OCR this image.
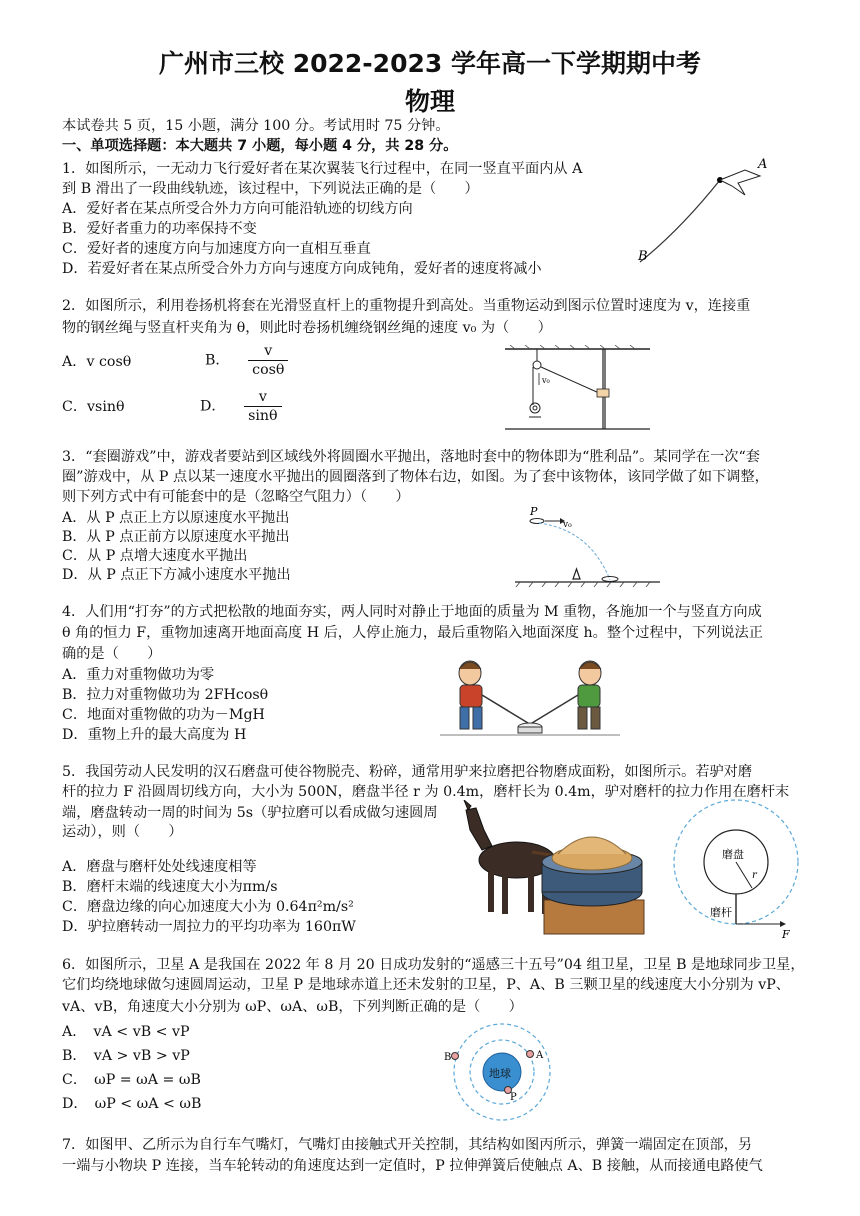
广州市三校 2022-2023 学年高一下学期期中考
物理
本试卷共 5 页，15 小题，满分 100 分。考试用时 75 分钟。
一、单项选择题：本大题共 7 小题，每小题 4 分，共 28 分。
1．如图所示，一无动力飞行爱好者在某次翼装飞行过程中，在同一竖直平面内从 A
到 B 滑出了一段曲线轨迹，该过程中，下列说法正确的是（　　）
A．爱好者在某点所受合外力方向可能沿轨迹的切线方向
B．爱好者重力的功率保持不变
C．爱好者的速度方向与加速度方向一直相互垂直
D．若爱好者在某点所受合外力方向与速度方向成钝角，爱好者的速度将减小
A
B
2．如图所示，利用卷扬机将套在光滑竖直杆上的重物提升到高处。当重物运动到图示位置时速度为 v，连接重
物的钢丝绳与竖直杆夹角为 θ，则此时卷扬机缠绕钢丝绳的速度 v₀ 为（　　）
A．v cosθ	B． $\frac{v}{\cos\theta}$
C．vsinθ	D． $\frac{v}{\sin\theta}$
v₀
3．“套圈游戏”中，游戏者要站到区域线外将圆圈水平抛出，落地时套中的物体即为“胜利品”。某同学在一次“套
圈”游戏中，从 P 点以某一速度水平抛出的圆圈落到了物体右边，如图。为了套中该物体，该同学做了如下调整，
则下列方式中有可能套中的是（忽略空气阻力）（　　）
A．从 P 点正上方以原速度水平抛出
B．从 P 点正前方以原速度水平抛出
C．从 P 点增大速度水平抛出
D．从 P 点正下方减小速度水平抛出
P
v₀
4．人们用“打夯”的方式把松散的地面夯实，两人同时对静止于地面的质量为 M 重物，各施加一个与竖直方向成
θ 角的恒力 F，重物加速离开地面高度 H 后，人停止施力，最后重物陷入地面深度 h。整个过程中，下列说法正
确的是（　　）
A．重力对重物做功为零
B．拉力对重物做功为 2FHcosθ
C．地面对重物做的功为－MgH
D．重物上升的最大高度为 H
5．我国劳动人民发明的汉石磨盘可使谷物脱壳、粉碎，通常用驴来拉磨把谷物磨成面粉，如图所示。若驴对磨
杆的拉力 F 沿圆周切线方向，大小为 500N，磨盘半径 r 为 0.4m，磨杆长为 0.4m，驴对磨杆的拉力作用在磨杆末
端，磨盘转动一周的时间为 5s（驴拉磨可以看成做匀速圆周
运动），则（　　）
A．磨盘与磨杆处处线速度相等
B．磨杆末端的线速度大小为πm/s
C．磨盘边缘的向心加速度大小为 0.64π²m/s²
D．驴拉磨转动一周拉力的平均功率为 160πW
磨盘
r
磨杆
F
6．如图所示，卫星 A 是我国在 2022 年 8 月 20 日成功发射的“遥感三十五号”04 组卫星，卫星 B 是地球同步卫星，
它们均绕地球做匀速圆周运动，卫星 P 是地球赤道上还未发射的卫星，P、A、B 三颗卫星的线速度大小分别为 vP、
vA、vB，角速度大小分别为 ωP、ωA、ωB，下列判断正确的是（　　）
A．　vA < vB < vP
B．　vA > vB > vP
C．　ωP = ωA = ωB
D．　ωP < ωA < ωB
地球
A
B
P
7．如图甲、乙所示为自行车气嘴灯，气嘴灯由接触式开关控制，其结构如图丙所示，弹簧一端固定在顶部，另
一端与小物块 P 连接，当车轮转动的角速度达到一定值时，P 拉伸弹簧后使触点 A、B 接触，从而接通电路使气
